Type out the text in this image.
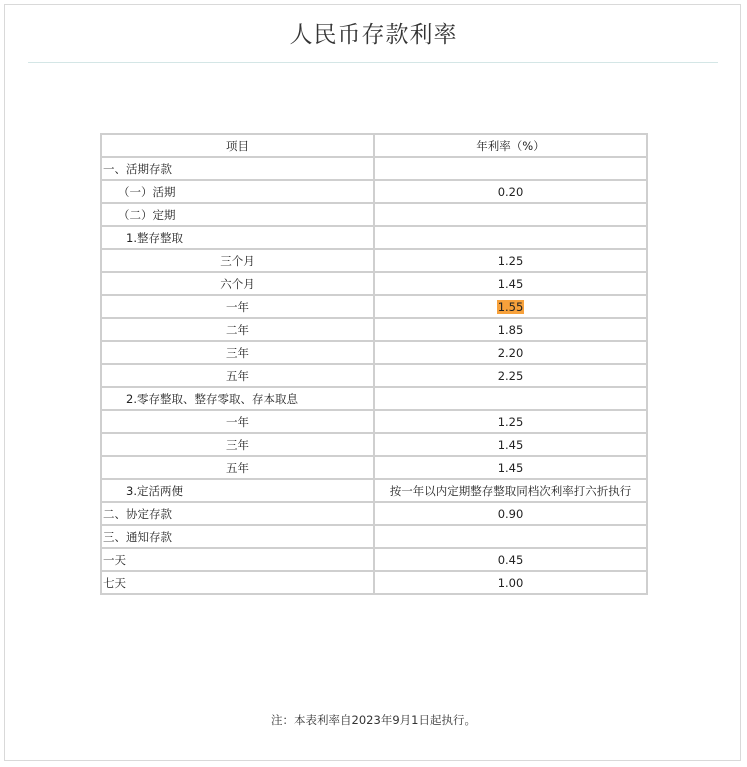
人民币存款利率
项目	年利率（%）
一、活期存款	
（一）活期	0.20
（二）定期	
1.整存整取	
三个月	1.25
六个月	1.45
一年	1.55
二年	1.85
三年	2.20
五年	2.25
2.零存整取、整存零取、存本取息	
一年	1.25
三年	1.45
五年	1.45
3.定活两便	按一年以内定期整存整取同档次利率打六折执行
二、协定存款	0.90
三、通知存款	
一天	0.45
七天	1.00
注：本表利率自2023年9月1日起执行。
